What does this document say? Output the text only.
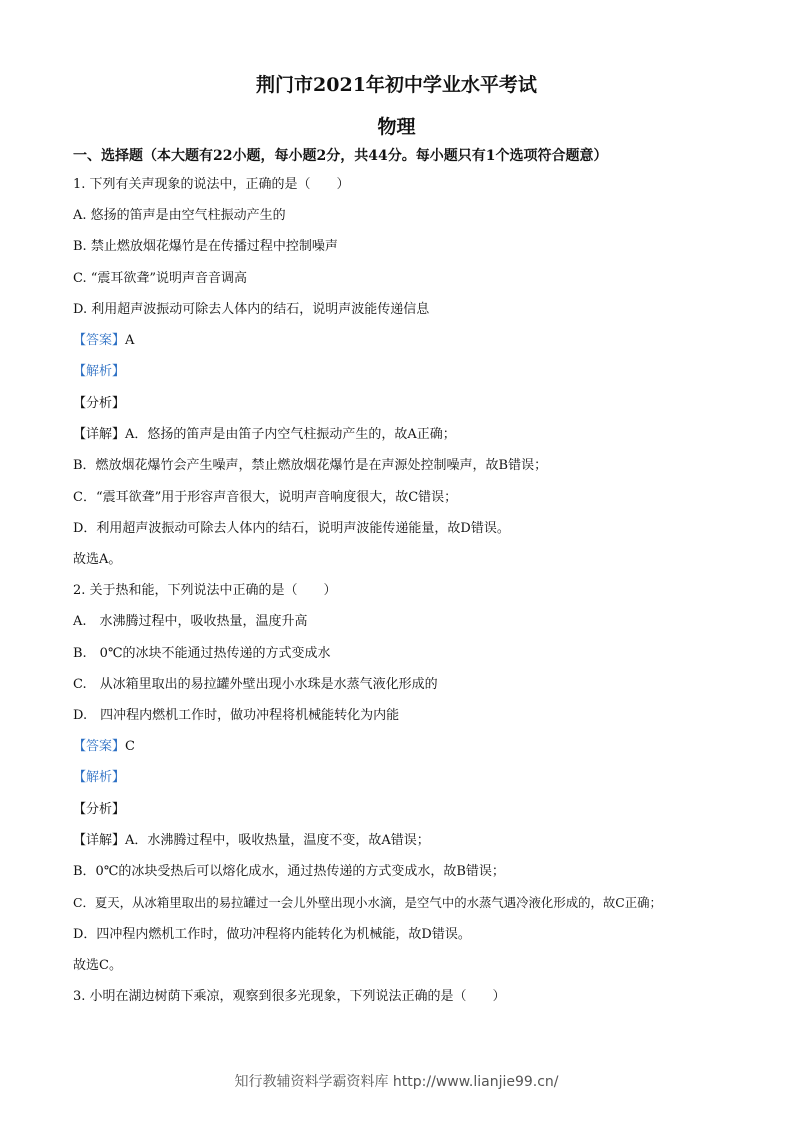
荆门市2021年初中学业水平考试
物理
一、选择题（本大题有22小题，每小题2分，共44分。每小题只有1个选项符合题意）
1. 下列有关声现象的说法中，正确的是（　　）
A. 悠扬的笛声是由空气柱振动产生的
B. 禁止燃放烟花爆竹是在传播过程中控制噪声
C. “震耳欲聋”说明声音音调高
D. 利用超声波振动可除去人体内的结石，说明声波能传递信息
【答案】A
【解析】
【分析】
【详解】A．悠扬的笛声是由笛子内空气柱振动产生的，故A正确；
B．燃放烟花爆竹会产生噪声，禁止燃放烟花爆竹是在声源处控制噪声，故B错误；
C．“震耳欲聋”用于形容声音很大，说明声音响度很大，故C错误；
D．利用超声波振动可除去人体内的结石，说明声波能传递能量，故D错误。
故选A。
2. 关于热和能，下列说法中正确的是（　　）
A.　水沸腾过程中，吸收热量，温度升高
B.　0℃的冰块不能通过热传递的方式变成水
C.　从冰箱里取出的易拉罐外壁出现小水珠是水蒸气液化形成的
D.　四冲程内燃机工作时，做功冲程将机械能转化为内能
【答案】C
【解析】
【分析】
【详解】A．水沸腾过程中，吸收热量，温度不变，故A错误；
B．0℃的冰块受热后可以熔化成水，通过热传递的方式变成水，故B错误；
C．夏天，从冰箱里取出的易拉罐过一会儿外壁出现小水滴，是空气中的水蒸气遇冷液化形成的，故C正确；
D．四冲程内燃机工作时，做功冲程将内能转化为机械能，故D错误。
故选C。
3. 小明在湖边树荫下乘凉，观察到很多光现象，下列说法正确的是（　　）
知行教辅资料学霸资料库 http://www.lianjie99.cn/
